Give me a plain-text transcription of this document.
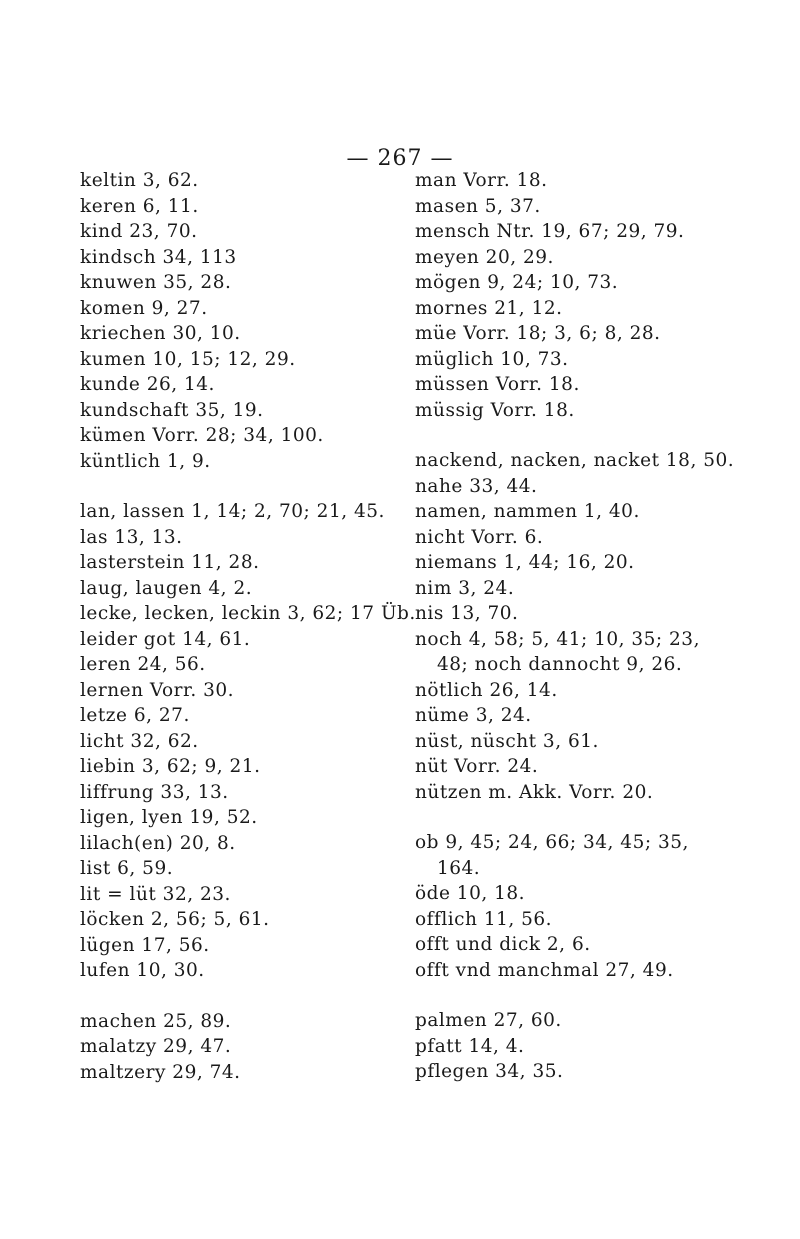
— 267 —
keltin 3, 62.
keren 6, 11.
kind 23, 70.
kindsch 34, 113
knuwen 35, 28.
komen 9, 27.
kriechen 30, 10.
kumen 10, 15; 12, 29.
kunde 26, 14.
kundschaft 35, 19.
kümen Vorr. 28; 34, 100.
küntlich 1, 9.
lan, lassen 1, 14; 2, 70; 21, 45.
las 13, 13.
lasterstein 11, 28.
laug, laugen 4, 2.
lecke, lecken, leckin 3, 62; 17 Üb.
leider got 14, 61.
leren 24, 56.
lernen Vorr. 30.
letze 6, 27.
licht 32, 62.
liebin 3, 62; 9, 21.
liffrung 33, 13.
ligen, lyen 19, 52.
lilach(en) 20, 8.
list 6, 59.
lit = lüt 32, 23.
löcken 2, 56; 5, 61.
lügen 17, 56.
lufen 10, 30.
machen 25, 89.
malatzy 29, 47.
maltzery 29, 74.
man Vorr. 18.
masen 5, 37.
mensch Ntr. 19, 67; 29, 79.
meyen 20, 29.
mögen 9, 24; 10, 73.
mornes 21, 12.
müe Vorr. 18; 3, 6; 8, 28.
müglich 10, 73.
müssen Vorr. 18.
müssig Vorr. 18.
nackend, nacken, nacket 18, 50.
nahe 33, 44.
namen, nammen 1, 40.
nicht Vorr. 6.
niemans 1, 44; 16, 20.
nim 3, 24.
nis 13, 70.
noch 4, 58; 5, 41; 10, 35; 23, 48; noch dannocht 9, 26.
nötlich 26, 14.
nüme 3, 24.
nüst, nüscht 3, 61.
nüt Vorr. 24.
nützen m. Akk. Vorr. 20.
ob 9, 45; 24, 66; 34, 45; 35, 164.
öde 10, 18.
offlich 11, 56.
offt und dick 2, 6.
offt vnd manchmal 27, 49.
palmen 27, 60.
pfatt 14, 4.
pflegen 34, 35.
